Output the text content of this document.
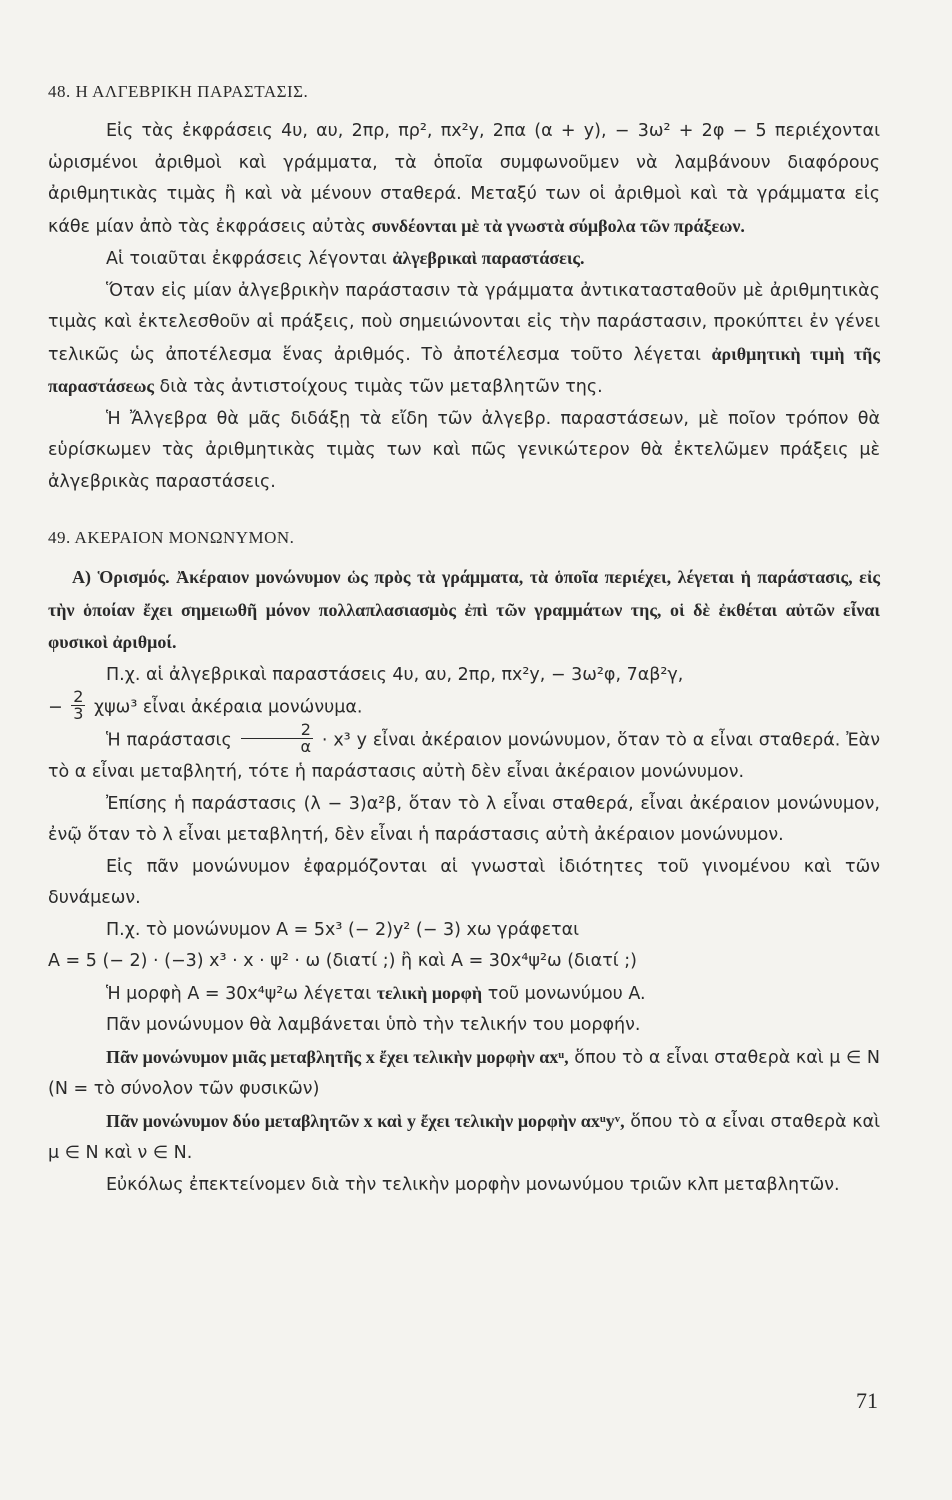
48. Η ΑΛΓΕΒΡΙΚΗ ΠΑΡΑΣΤΑΣΙΣ.

Εἰς τὰς ἐκφράσεις 4υ, αυ, 2πρ, πρ², πx²y, 2πα (α + y), − 3ω² + 2φ − 5 περιέχονται ὡρισμένοι ἀριθμοὶ καὶ γράμματα, τὰ ὁποῖα συμφωνοῦμεν νὰ λαμβάνουν διαφόρους ἀριθμητικὰς τιμὰς ἢ καὶ νὰ μένουν σταθερά. Μεταξύ των οἱ ἀριθμοὶ καὶ τὰ γράμματα εἰς κάθε μίαν ἀπὸ τὰς ἐκφράσεις αὐτὰς συνδέονται μὲ τὰ γνωστὰ σύμβολα τῶν πράξεων.

Αἱ τοιαῦται ἐκφράσεις λέγονται ἀλγεβρικαὶ παραστάσεις.

Ὅταν εἰς μίαν ἀλγεβρικὴν παράστασιν τὰ γράμματα ἀντικατασταθοῦν μὲ ἀριθμητικὰς τιμὰς καὶ ἐκτελεσθοῦν αἱ πράξεις, ποὺ σημειώνονται εἰς τὴν παράστασιν, προκύπτει ἐν γένει τελικῶς ὡς ἀποτέλεσμα ἕνας ἀριθμός. Τὸ ἀποτέλεσμα τοῦτο λέγεται ἀριθμητικὴ τιμὴ τῆς παραστάσεως διὰ τὰς ἀντιστοίχους τιμὰς τῶν μεταβλητῶν της.

Ἡ Ἄλγεβρα θὰ μᾶς διδάξῃ τὰ εἴδη τῶν ἀλγεβρ. παραστάσεων, μὲ ποῖον τρόπον θὰ εὑρίσκωμεν τὰς ἀριθμητικὰς τιμὰς των καὶ πῶς γενικώτερον θὰ ἐκτελῶμεν πράξεις μὲ ἀλγεβρικὰς παραστάσεις.

49. ΑΚΕΡΑΙΟΝ ΜΟΝΩΝΥΜΟΝ.

Α) Ὁρισμός. Ἀκέραιον μονώνυμον ὡς πρὸς τὰ γράμματα, τὰ ὁποῖα περιέχει, λέγεται ἡ παράστασις, εἰς τὴν ὁποίαν ἔχει σημειωθῆ μόνον πολλαπλασιασμὸς ἐπὶ τῶν γραμμάτων της, οἱ δὲ ἐκθέται αὐτῶν εἶναι φυσικοὶ ἀριθμοί.

Π.χ. αἱ ἀλγεβρικαὶ παραστάσεις 4υ, αυ, 2πρ, πx²y, − 3ω²φ, 7αβ²γ,

− $\frac{2}{3} \chi\psi\omega^3$ εἶναι ἀκέραια μονώνυμα.

Ἡ παράστασις $\frac{2}{\alpha} \cdot x^3$ y εἶναι ἀκέραιον μονώνυμον, ὅταν τὸ α εἶναι σταθερά. Ἐὰν τὸ α εἶναι μεταβλητή, τότε ἡ παράστασις αὐτὴ δὲν εἶναι ἀκέραιον μονώνυμον.

Ἐπίσης ἡ παράστασις (λ − 3)α²β, ὅταν τὸ λ εἶναι σταθερά, εἶναι ἀκέραιον μονώνυμον, ἐνῷ ὅταν τὸ λ εἶναι μεταβλητή, δὲν εἶναι ἡ παράστασις αὐτὴ ἀκέραιον μονώνυμον.

Εἰς πᾶν μονώνυμον ἐφαρμόζονται αἱ γνωσταὶ ἰδιότητες τοῦ γινομένου καὶ τῶν δυνάμεων.

Π.χ. τὸ μονώνυμον A = 5x³ (− 2)y² (− 3) xω γράφεται

A = 5 (− 2) · (−3) x³ · x · ψ² · ω (διατί ;) ἢ καὶ A = 30x⁴ψ²ω (διατί ;)

Ἡ μορφὴ A = 30x⁴ψ²ω λέγεται τελικὴ μορφὴ τοῦ μονωνύμου A.

Πᾶν μονώνυμον θὰ λαμβάνεται ὑπὸ τὴν τελικήν του μορφήν.

Πᾶν μονώνυμον μιᾶς μεταβλητῆς x ἔχει τελικὴν μορφὴν αxᵘ, ὅπου τὸ α εἶναι σταθερὰ καὶ μ ∈ N (N = τὸ σύνολον τῶν φυσικῶν)

Πᾶν μονώνυμον δύο μεταβλητῶν x καὶ y ἔχει τελικὴν μορφὴν αxᵘyᵛ, ὅπου τὸ α εἶναι σταθερὰ καὶ μ ∈ N καὶ ν ∈ N.

Εὐκόλως ἐπεκτείνομεν διὰ τὴν τελικὴν μορφὴν μονωνύμου τριῶν κλπ μεταβλητῶν.

71
